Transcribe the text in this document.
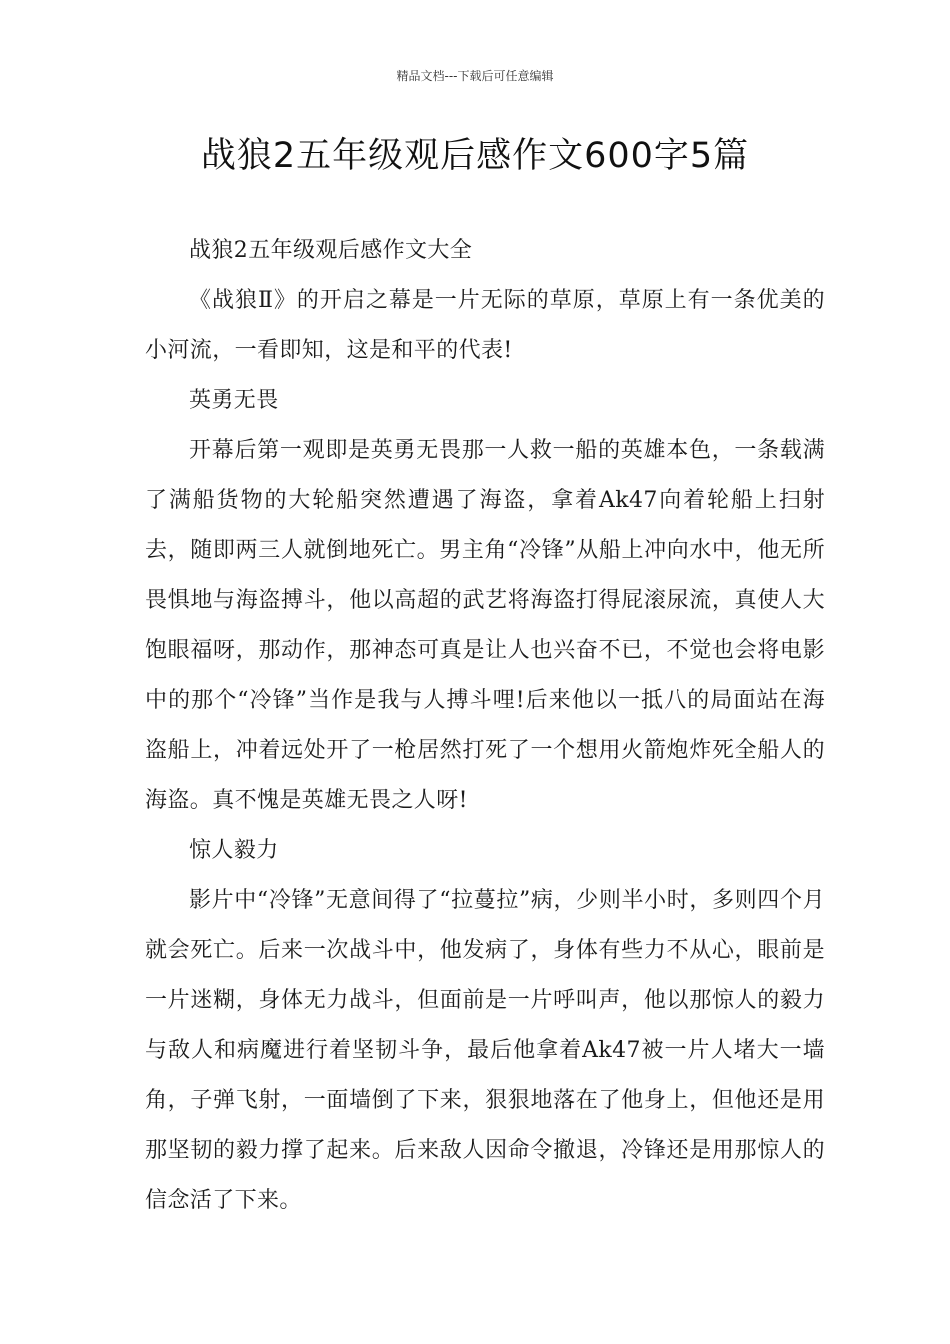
精品文档---下载后可任意编辑
战狼2五年级观后感作文600字5篇

战狼2五年级观后感作文大全

《战狼Ⅱ》的开启之幕是一片无际的草原，草原上有一条优美的小河流，一看即知，这是和平的代表!

英勇无畏

开幕后第一观即是英勇无畏那一人救一船的英雄本色，一条载满了满船货物的大轮船突然遭遇了海盗，拿着Ak47向着轮船上扫射去，随即两三人就倒地死亡。男主角“冷锋”从船上冲向水中，他无所畏惧地与海盗搏斗，他以高超的武艺将海盗打得屁滚尿流，真使人大饱眼福呀，那动作，那神态可真是让人也兴奋不已，不觉也会将电影中的那个“冷锋”当作是我与人搏斗哩!后来他以一抵八的局面站在海盗船上，冲着远处开了一枪居然打死了一个想用火箭炮炸死全船人的海盗。真不愧是英雄无畏之人呀!

惊人毅力

影片中“冷锋”无意间得了“拉蔓拉”病，少则半小时，多则四个月就会死亡。后来一次战斗中，他发病了，身体有些力不从心，眼前是一片迷糊，身体无力战斗，但面前是一片呼叫声，他以那惊人的毅力与敌人和病魔进行着坚韧斗争，最后他拿着Ak47被一片人堵大一墙角，子弹飞射，一面墙倒了下来，狠狠地落在了他身上，但他还是用那坚韧的毅力撑了起来。后来敌人因命令撤退，冷锋还是用那惊人的信念活了下来。
